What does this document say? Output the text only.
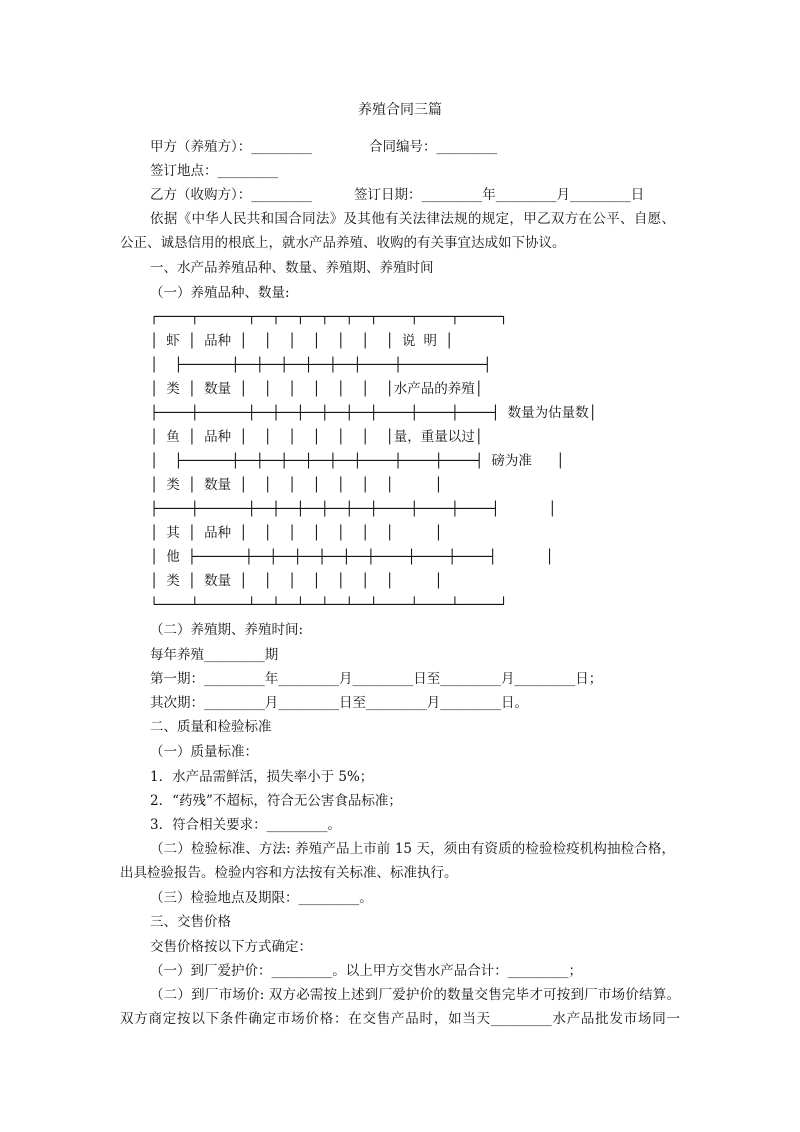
养殖合同三篇
甲方（养殖方）：_________	合同编号：_________
签订地点：_________
乙方（收购方）：_________	签订日期：_________年_________月_________日
依据《中华人民共和国合同法》及其他有关法律法规的规定，甲乙双方在公平、自愿、
公正、诚恳信用的根底上，就水产品养殖、收购的有关事宜达成如下协议。
一、水产品养殖品种、数量、养殖期、养殖时间
（一）养殖品种、数量:
┌────┬──────┬──┬──┬──┬──┬──┬────┬────┬─────┐
│ 虾 │ 品种 │  │  │  │  │  │  │ 说 明 │
│  ├──────┼──┼──┼──┼──┼──┼────┼──────────┤
│ 类 │ 数量 │  │  │  │  │  │  │水产品的养殖│
├────┼──────┼──┼──┼──┼──┼──┼────┼────┼────┤ 数量为估量数│
│ 鱼 │ 品种 │  │  │  │  │  │  │量，重量以过│
│  ├──────┼──┼──┼──┼──┼──┼────┼────┼────┤ 磅为准   │
│ 类 │ 数量 │  │  │  │  │  │  │     │
├────┼──────┼──┼──┼──┼──┼──┼────┼────┼────┤      │
│ 其 │ 品种 │  │  │  │  │  │  │     │
│ 他 ├──────┼──┼──┼──┼──┼──┼────┼────┼────┤      │
│ 类 │ 数量 │  │  │  │  │  │  │     │
└────┴──────┴──┴──┴──┴──┴──┴────┴────┴─────┘
（二）养殖期、养殖时间:
每年养殖_________期
第一期：_________年_________月_________日至_________月_________日；
其次期：_________月_________日至_________月_________日。
二、质量和检验标准
（一）质量标准：
1．水产品需鲜活，损失率小于 5%；
2．“药残”不超标，符合无公害食品标准；
3．符合相关要求：_________。
（二）检验标准、方法: 养殖产品上市前 15 天，须由有资质的检验检疫机构抽检合格，
出具检验报告。检验内容和方法按有关标准、标准执行。
（三）检验地点及期限：_________。
三、交售价格
交售价格按以下方式确定：
（一）到厂爱护价：_________。以上甲方交售水产品合计：_________；
（二）到厂市场价: 双方必需按上述到厂爱护价的数量交售完毕才可按到厂市场价结算。
双方商定按以下条件确定市场价格：在交售产品时，如当天_________水产品批发市场同一
